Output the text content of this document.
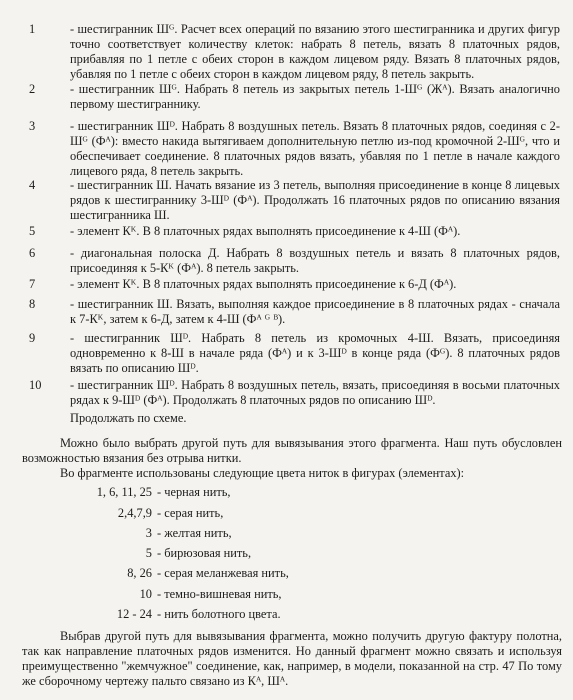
1	- шестигранник Шᴳ. Расчет всех операций по вязанию этого шестигранника и других фигур точно соответствует количеству клеток: набрать 8 петель, вязать 8 платочных рядов, прибавляя по 1 петле с обеих сторон в каждом лицевом ряду. Вязать 8 платочных рядов, убавляя по 1 петле с обеих сторон в каждом лицевом ряду, 8 петель закрыть.
2	- шестигранник Шᴳ. Набрать 8 петель из закрытых петель 1-Шᴳ (Жᴬ). Вязать аналогично первому шестиграннику.
3	- шестигранник Шᴰ. Набрать 8 воздушных петель. Вязать 8 платочных рядов, соединяя с 2-Шᴳ (Фᴬ): вместо накида вытягиваем дополнительную петлю из-под кромочной 2-Шᴳ, что и обеспечивает соединение. 8 платочных рядов вязать, убавляя по 1 петле в начале каждого лицевого ряда, 8 петель закрыть.
4	- шестигранник Ш. Начать вязание из 3 петель, выполняя присоединение в конце 8 лицевых рядов к шестиграннику 3-Шᴰ (Фᴬ). Продолжать 16 платочных рядов по описанию вязания шестигранника Ш.
5	- элемент Кᴷ. В 8 платочных рядах выполнять присоединение к 4-Ш (Фᴬ).
6	- диагональная полоска Д. Набрать 8 воздушных петель и вязать 8 платочных рядов, присоединяя к 5-Кᴷ (Фᴬ). 8 петель закрыть.
7	- элемент Кᴷ. В 8 платочных рядах выполнять присоединение к 6-Д (Фᴬ).
8	- шестигранник Ш. Вязать, выполняя каждое присоединение в 8 платочных рядах - сначала к 7-Кᴷ, затем к 6-Д, затем к 4-Ш (Фᴬ ᴳ ᴮ).
9	- шестигранник Шᴰ. Набрать 8 петель из кромочных 4-Ш. Вязать, присоединяя одновременно к 8-Ш в начале ряда (Фᴬ) и к 3-Шᴰ в конце ряда (Фᴳ). 8 платочных рядов вязать по описанию Шᴰ.
10	- шестигранник Шᴰ. Набрать 8 воздушных петель, вязать, присоединяя в восьми платочных рядах к 9-Шᴰ (Фᴬ). Продолжать 8 платочных рядов по описанию Шᴰ.
Продолжать по схеме.
Можно было выбрать другой путь для вывязывания этого фрагмента. Наш путь обусловлен возможностью вязания без отрыва нитки.
Во фрагменте использованы следующие цвета ниток в фигурах (элементах):
1, 6, 11, 25 - черная нить,
2,4,7,9 - серая нить,
3 - желтая нить,
5 - бирюзовая нить,
8, 26 - серая меланжевая нить,
10 - темно-вишневая нить,
12 - 24 - нить болотного цвета.
Выбрав другой путь для вывязывания фрагмента, можно получить другую фактуру полотна, так как направление платочных рядов изменится. Но данный фрагмент можно связать и используя преимущественно "жемчужное" соединение, как, например, в модели, показанной на стр. 47 По тому же сборочному чертежу пальто связано из Кᴬ, Шᴬ.
